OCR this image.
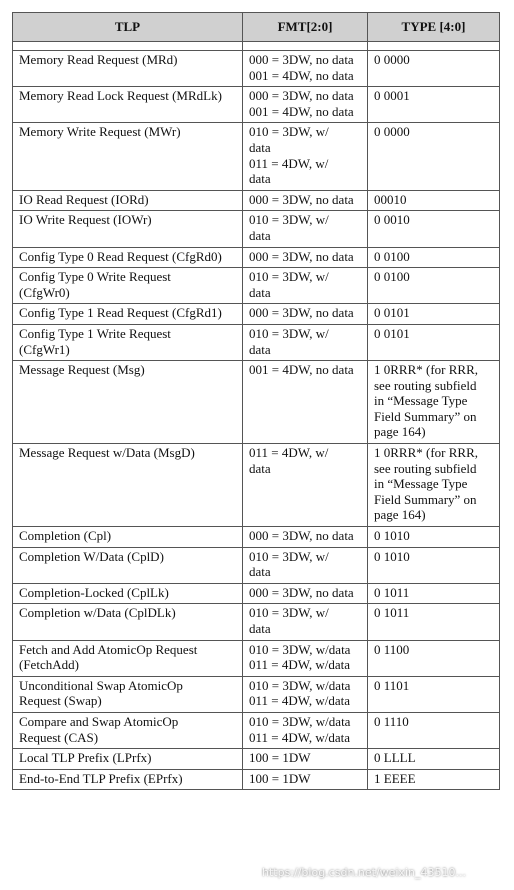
TLP	FMT[2:0]	TYPE [4:0]

Memory Read Request (MRd)	000 = 3DW, no data
001 = 4DW, no data	0 0000

Memory Read Lock Request (MRdLk)	000 = 3DW, no data
001 = 4DW, no data	0 0001

Memory Write Request (MWr)	010 = 3DW, w/
data
011 = 4DW, w/
data	0 0000

IO Read Request (IORd)	000 = 3DW, no data	00010

IO Write Request (IOWr)	010 = 3DW, w/
data	0 0010

Config Type 0 Read Request (CfgRd0)	000 = 3DW, no data	0 0100

Config Type 0 Write Request
(CfgWr0)	010 = 3DW, w/
data	0 0100

Config Type 1 Read Request (CfgRd1)	000 = 3DW, no data	0 0101

Config Type 1 Write Request
(CfgWr1)	010 = 3DW, w/
data	0 0101

Message Request (Msg)	001 = 4DW, no data	1 0RRR* (for RRR,
see routing subfield
in “Message Type
Field Summary” on
page 164)

Message Request w/Data (MsgD)	011 = 4DW, w/
data	1 0RRR* (for RRR,
see routing subfield
in “Message Type
Field Summary” on
page 164)

Completion (Cpl)	000 = 3DW, no data	0 1010

Completion W/Data (CplD)	010 = 3DW, w/
data	0 1010

Completion-Locked (CplLk)	000 = 3DW, no data	0 1011

Completion w/Data (CplDLk)	010 = 3DW, w/
data	0 1011

Fetch and Add AtomicOp Request
(FetchAdd)	010 = 3DW, w/data
011 = 4DW, w/data	0 1100

Unconditional Swap AtomicOp
Request (Swap)	010 = 3DW, w/data
011 = 4DW, w/data	0 1101

Compare and Swap AtomicOp
Request (CAS)	010 = 3DW, w/data
011 = 4DW, w/data	0 1110

Local TLP Prefix (LPrfx)	100 = 1DW	0 LLLL

End-to-End TLP Prefix (EPrfx)	100 = 1DW	1 EEEE
https://blog.csdn.net/weixin_43510...
